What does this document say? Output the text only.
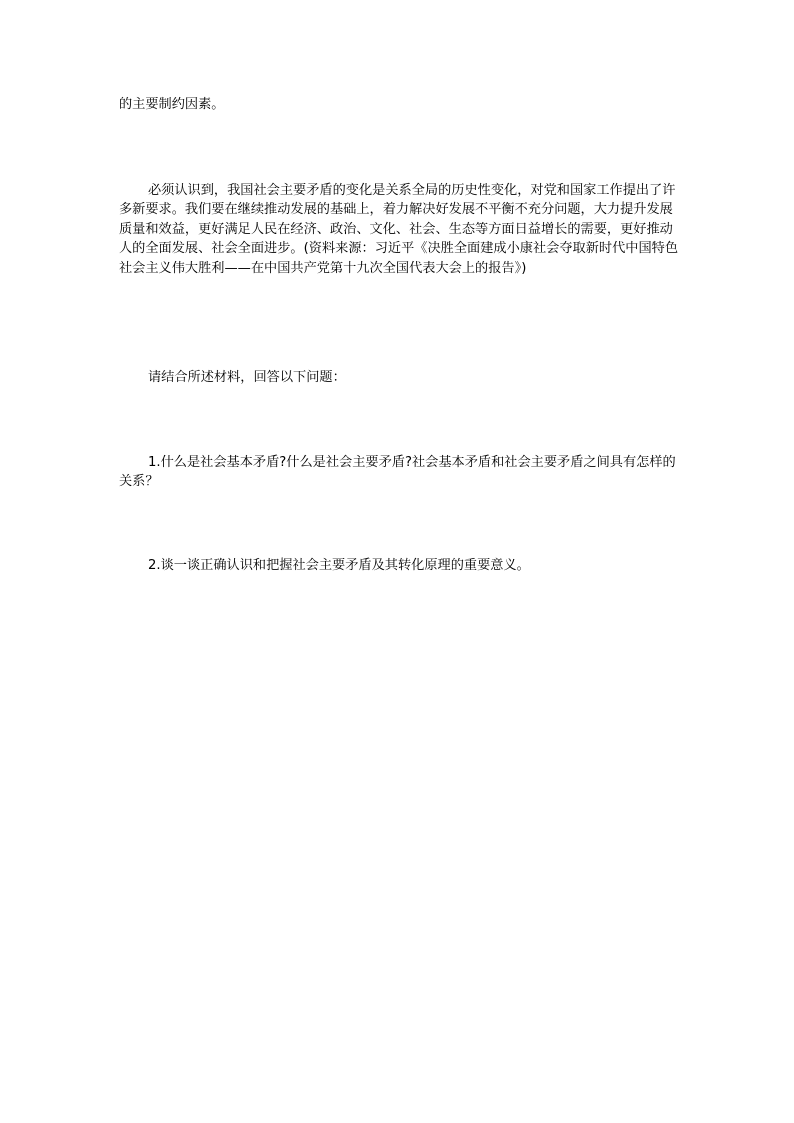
的主要制约因素。

必须认识到，我国社会主要矛盾的变化是关系全局的历史性变化，对党和国家工作提出了许多新要求。我们要在继续推动发展的基础上，着力解决好发展不平衡不充分问题，大力提升发展质量和效益，更好满足人民在经济、政治、文化、社会、生态等方面日益增长的需要，更好推动人的全面发展、社会全面进步。(资料来源：习近平《决胜全面建成小康社会夺取新时代中国特色社会主义伟大胜利——在中国共产党第十九次全国代表大会上的报告》)

请结合所述材料，回答以下问题：

1.什么是社会基本矛盾?什么是社会主要矛盾?社会基本矛盾和社会主要矛盾之间具有怎样的关系？

2.谈一谈正确认识和把握社会主要矛盾及其转化原理的重要意义。
